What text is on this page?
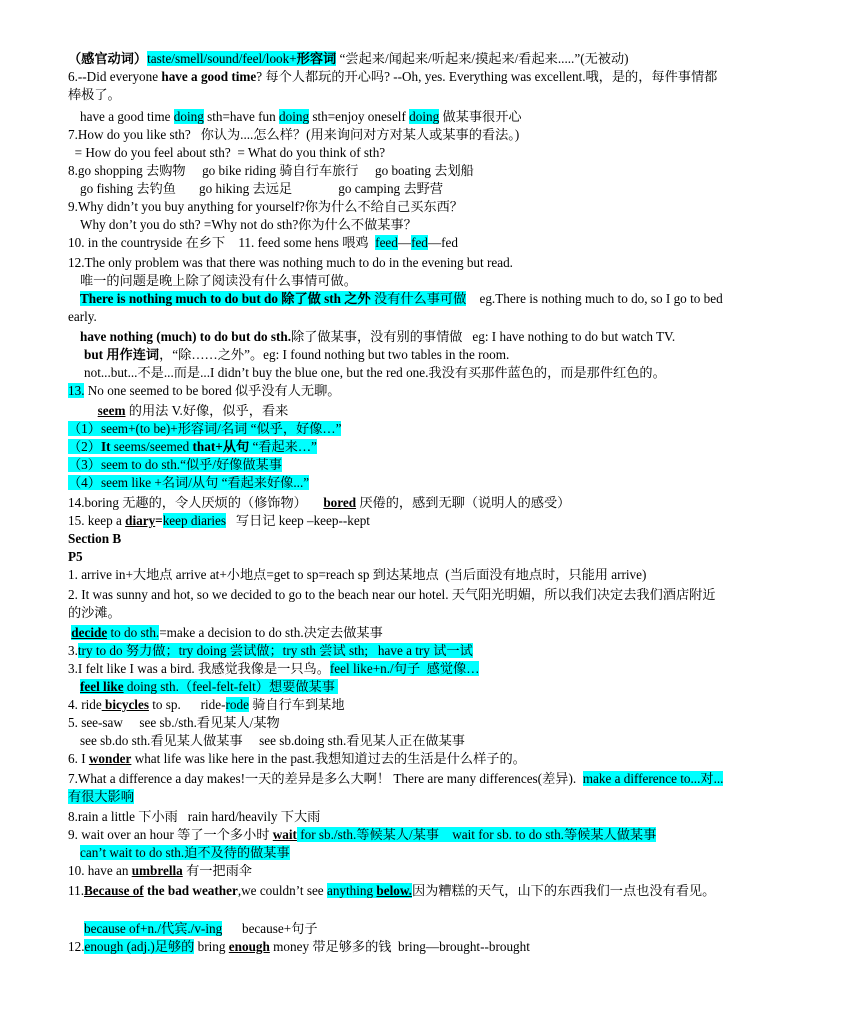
（感官动词）taste/smell/sound/feel/look+形容词 “尝起来/闻起来/听起来/摸起来/看起来.....”(无被动)
6.--Did everyone have a good time? 每个人都玩的开心吗? --Oh, yes. Everything was excellent.哦，是的，每件事情都
棒极了。
have a good time doing sth=have fun doing sth=enjoy oneself doing 做某事很开心
7.How do you like sth?   你认为....怎么样？(用来询问对方对某人或某事的看法。)
= How do you feel about sth?  = What do you think of sth?
8.go shopping 去购物     go bike riding 骑自行车旅行     go boating 去划船
go fishing 去钓鱼       go hiking 去远足              go camping 去野营
9.Why didn’t you buy anything for yourself?你为什么不给自己买东西？
Why don’t you do sth? =Why not do sth?你为什么不做某事？
10. in the countryside 在乡下    11. feed some hens 喂鸡  feed—fed—fed
12.The only problem was that there was nothing much to do in the evening but read.
唯一的问题是晚上除了阅读没有什么事情可做。
There is nothing much to do but do 除了做 sth 之外 没有什么事可做    eg.There is nothing much to do, so I go to bed
early.
have nothing (much) to do but do sth.除了做某事，没有别的事情做   eg: I have nothing to do but watch TV.
but 用作连词，“除……之外”。eg: I found nothing but two tables in the room.
not...but...不是...而是...I didn’t buy the blue one, but the red one.我没有买那件蓝色的，而是那件红色的。
13. No one seemed to be bored 似乎没有人无聊。
seem 的用法 V.好像，似乎，看来
（1）seem+(to be)+形容词/名词 “似乎，好像…”
（2）It seems/seemed that+从句 “看起来…”
（3）seem to do sth.“似乎/好像做某事
（4）seem like +名词/从句 “看起来好像...”
14.boring 无趣的，令人厌烦的（修饰物）     bored 厌倦的，感到无聊（说明人的感受）
15. keep a diary=keep diaries   写日记 keep –keep--kept
Section B
P5
1. arrive in+大地点 arrive at+小地点=get to sp=reach sp 到达某地点  (当后面没有地点时，只能用 arrive)
2. It was sunny and hot, so we decided to go to the beach near our hotel. 天气阳光明媚，所以我们决定去我们酒店附近
的沙滩。
decide to do sth.=make a decision to do sth.决定去做某事
3.try to do 努力做；try doing 尝试做；try sth 尝试 sth;   have a try 试一试
3.I felt like I was a bird. 我感觉我像是一只鸟。feel like+n./句子  感觉像…
feel like doing sth.（feel-felt-felt）想要做某事
4. ride bicycles to sp.      ride-rode 骑自行车到某地
5. see-saw     see sb./sth.看见某人/某物
see sb.do sth.看见某人做某事     see sb.doing sth.看见某人正在做某事
6. I wonder what life was like here in the past.我想知道过去的生活是什么样子的。
7.What a difference a day makes!一天的差异是多么大啊！ There are many differences(差异).  make a difference to...对...
有很大影响
8.rain a little 下小雨   rain hard/heavily 下大雨
9. wait over an hour 等了一个多小时 wait for sb./sth.等候某人/某事    wait for sb. to do sth.等候某人做某事
can’t wait to do sth.迫不及待的做某事
10. have an umbrella 有一把雨伞
11.Because of the bad weather,we couldn’t see anything below.因为糟糕的天气，山下的东西我们一点也没有看见。
because of+n./代宾./v-ing      because+句子
12.enough (adj.)足够的 bring enough money 带足够多的钱  bring—brought--brought
